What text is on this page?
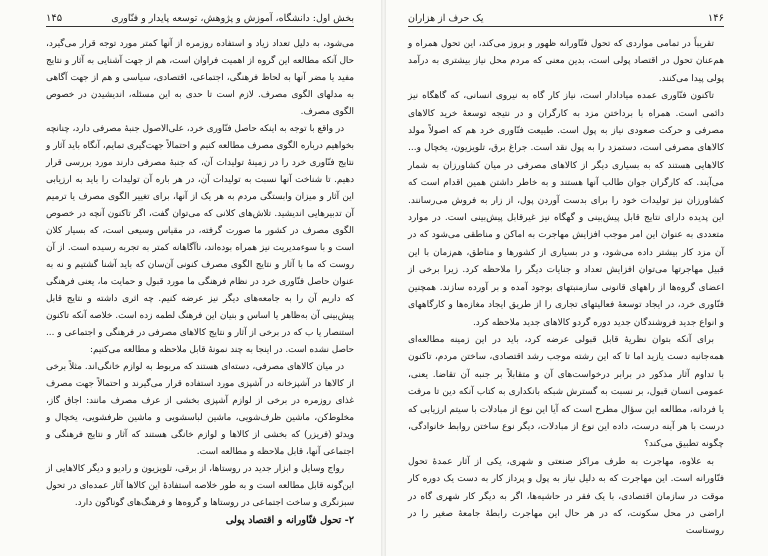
بخش اول: دانشگاه، آموزش و پژوهش، توسعه پایدار و فنّاوری
۱۴۵

می‌شود، به دلیل تعداد زیاد و استفاده روزمره از آنها کمتر مورد توجه قرار می‌گیرد، حال آنکه مطالعه این گروه از اهمیت فراوان است، هم از جهت آشنایی به آثار و نتایج مفید یا مضر آنها به لحاظ فرهنگی، اجتماعی، اقتصادی، سیاسی و هم از جهت آگاهی به مدلهای الگوی مصرف. لازم است تا حدی به این مسئله، اندیشیدن در خصوص الگوی مصرف.

در واقع با توجه به اینکه حاصل فنّاوری خرد، علی‌الاصول جنبهٔ مصرفی دارد، چنانچه بخواهیم درباره الگوی مصرف مطالعه کنیم و احتمالاً جهت‌گیری تمایم، آنگاه باید آثار و نتایج فنّاوری خرد را در زمینهٔ تولیدات آن، که جنبهٔ مصرفی دارند مورد بررسی قرار دهیم. تا شناخت آنها نسبت به تولیدات آن، در هر باره آن تولیدات را باید به ارزیابی این آثار و میزان وابستگی مردم به هر یک از آنها، برای تغییر الگوی مصرف یا ترمیم آن تدبیرهایی اندیشید. تلاش‌های کلانی که می‌توان گفت، اگر تاکنون آنچه در خصوص الگوی مصرف در کشور ما صورت گرفته، در مقیاس وسیعی است، که بسیار کلان است و با سوءمدیریت نیز همراه بوده‌اند، ناآگاهانه کمتر به تجربه رسیده است. از آن روست که ما با آثار و نتایج الگوی مصرف کنونی آن‌سان که باید آشنا گشتیم و نه به عنوان حاصل فنّاوری خرد در نظام فرهنگی ما مورد قبول و حمایت ما، یعنی فرهنگی که داریم آن را به جامعه‌های دیگر نیز عرضه کنیم. چه اثری داشته و نتایج قابل پیش‌بینی آن به‌ظاهر یا اساس و بنیان این فرهنگ لطمه زده است. خلاصه آنکه تاکنون استنصار یا ب که در برخی از آثار و نتایج کالاهای مصرفی در فرهنگی و اجتماعی و ... حاصل نشده است. در اینجا به چند نمونهٔ قابل ملاحظه و مطالعه می‌کنیم:

در میان کالاهای مصرفی، دسته‌ای هستند که مربوط به لوازم خانگی‌اند. مثلاً برخی از کالاها در آشپزخانه در آشپزی مورد استفاده قرار می‌گیرند و احتمالاً جهت مصرف غذای روزمره در برخی از لوازم آشپزی بخشی از عرف مصرف مانند: اجاق گاز، مخلوط‌کن، ماشین ظرف‌شویی، ماشین لباسشویی و ماشین ظرفشویی، یخچال و ویدئو (فریزر) که بخشی از کالاها و لوازم خانگی هستند که آثار و نتایج فرهنگی و اجتماعی آنها، قابل ملاحظه و مطالعه است.

رواج وسایل و ابزار جدید در روستاها، از برقی، تلویزیون و رادیو و دیگر کالاهایی از این‌گونه قابل مطالعه است و به طور خلاصه استفادهٔ این کالاها آثار عمده‌ای در تحول سبزنگری و ساخت اجتماعی در روستاها و گروه‌ها و فرهنگ‌های گوناگون دارد.

۲- تحول فنّاورانه و اقتصاد پولی

۱۴۶
یک حرف از هزاران

تقریباً در تمامی مواردی که تحول فنّاورانه ظهور و بروز می‌کند، این تحول همراه و هم‌عنان تحول در اقتصاد پولی است، بدین معنی که مردم محل نیاز بیشتری به درآمد پولی پیدا می‌کنند.

تاکنون فنّاوری عمده میادادار است، نیاز کار گاه به نیروی انسانی، که گاهگاه نیز دائمی است. همراه با برداختن مزد به کارگران و در نتیجه توسعهٔ خرید کالاهای مصرفی و حرکت صعودی نیاز به پول است. طبیعت فنّاوری خرد هم که اصولاً مولد کالاهای مصرفی است، دستمزد را به پول نقد است. جراغ برق، تلویزیون، یخچال و... کالاهایی هستند که به بسیاری دیگر از کالاهای مصرفی در میان کشاورزان به شمار می‌آیند. که کارگران جوان طالب آنها هستند و به خاطر داشتن همین اقدام است که کشاورزان نیز تولیدات خود را برای بدست آوردن پول، از زار به فروش می‌رسانند. این پدیده دارای نتایج قابل پیش‌بینی و گهگاه نیز غیرقابل پیش‌بینی است. در موارد متعددی به عنوان این امر موجب افزایش مهاجرت به اماکن و مناطقی می‌شود که در آن مزد کار بیشتر داده می‌شود، و در بسیاری از کشورها و مناطق، هم‌زمان با این قبیل مهاجرتها می‌توان افزایش تعداد و جنایات دیگر را ملاحظه کرد. زیرا برخی از اعضای گروه‌ها از راههای قانونی سازمنبتهای بوجود آمده و بر آورده سازند. همچنین فنّاوری خرد، در ایجاد توسعهٔ فعالیتهای تجاری را از طریق ایجاد مغازه‌ها و کارگاههای و انواع جدید فروشندگان جدید دوره گردو کالاهای جدید ملاحظه کرد.

برای آنکه بتوان نظریهٔ قابل قبولی عرضه کرد، باید در این زمینه مطالعه‌ای همه‌جانبه دست یازید اما تا که این رشته موجب رشد اقتصادی، ساختن مردم، تاکنون با تداوم آثار مذکور در برابر درخواست‌های آن و متقابلاً بر جنبه آن تقاضا. یعنی، عمومی انسان قبول، بر نسبت به گسترش شبکه بانکداری به کتاب آنکه دین تا مرفت یا فردانه، مطالعه این سؤال مطرح است که آیا این نوع از مبادلات با سیتم ارزیابی که درست با هر آینه درست، داده این نوع از مبادلات، دیگر نوع ساختن روابط خانوادگی، چگونه تطبیق می‌کند؟

به علاوه، مهاجرت به طرف مراکز صنعتی و شهری، یکی از آثار عمدهٔ تحول فنّاورانه است. این مهاجرت که به دلیل نیاز به پول و پرداز کار به دست یک دوره کار موقت در سازمان اقتصادی، با یک فقر در حاشیه‌ها، اگر به دیگر کار شهری گاه در اراضی در محل سکونت، که در هر حال این مهاجرت رابطهٔ جامعهٔ صغیر را در روستاست
